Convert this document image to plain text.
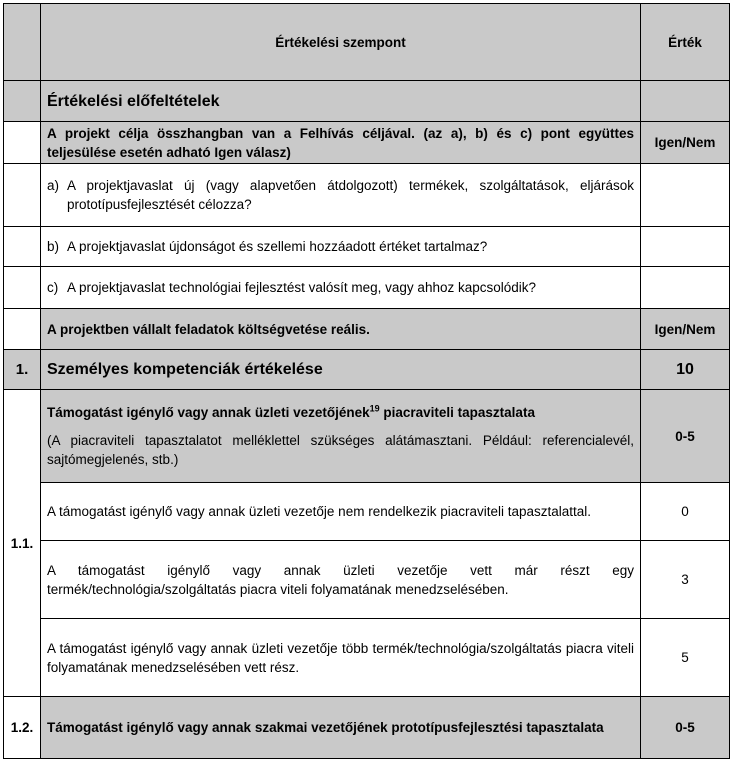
	Értékelési szempont	Érték
	Értékelési előfeltételek	
	A projekt célja összhangban van a Felhívás céljával. (az a), b) és c) pont együttes teljesülése esetén adható Igen válasz)	Igen/Nem

	a) A projektjavaslat új (vagy alapvetően átdolgozott) termékek, szolgáltatások, eljárások prototípusfejlesztését célozza?	

	b) A projektjavaslat újdonságot és szellemi hozzáadott értéket tartalmaz?	

	c) A projektjavaslat technológiai fejlesztést valósít meg, vagy ahhoz kapcsolódik?	

	A projektben vállalt feladatok költségvetése reális.	Igen/Nem
1.	Személyes kompetenciák értékelése	10
1.1.	Támogatást igénylő vagy annak üzleti vezetőjének$^{19}$ piacraviteli tapasztalata
(A piacraviteli tapasztalatot melléklettel szükséges alátámasztani. Például: referencialevél, sajtómegjelenés, stb.)	0-5
	A támogatást igénylő vagy annak üzleti vezetője nem rendelkezik piacraviteli tapasztalattal.	0
	A támogatást igénylő vagy annak üzleti vezetője vett már részt egy termék/technológia/szolgáltatás piacra viteli folyamatának menedzselésében.	3
	A támogatást igénylő vagy annak üzleti vezetője több termék/technológia/szolgáltatás piacra viteli folyamatának menedzselésében vett rész.	5
1.2.	Támogatást igénylő vagy annak szakmai vezetőjének prototípusfejlesztési tapasztalata	0-5
